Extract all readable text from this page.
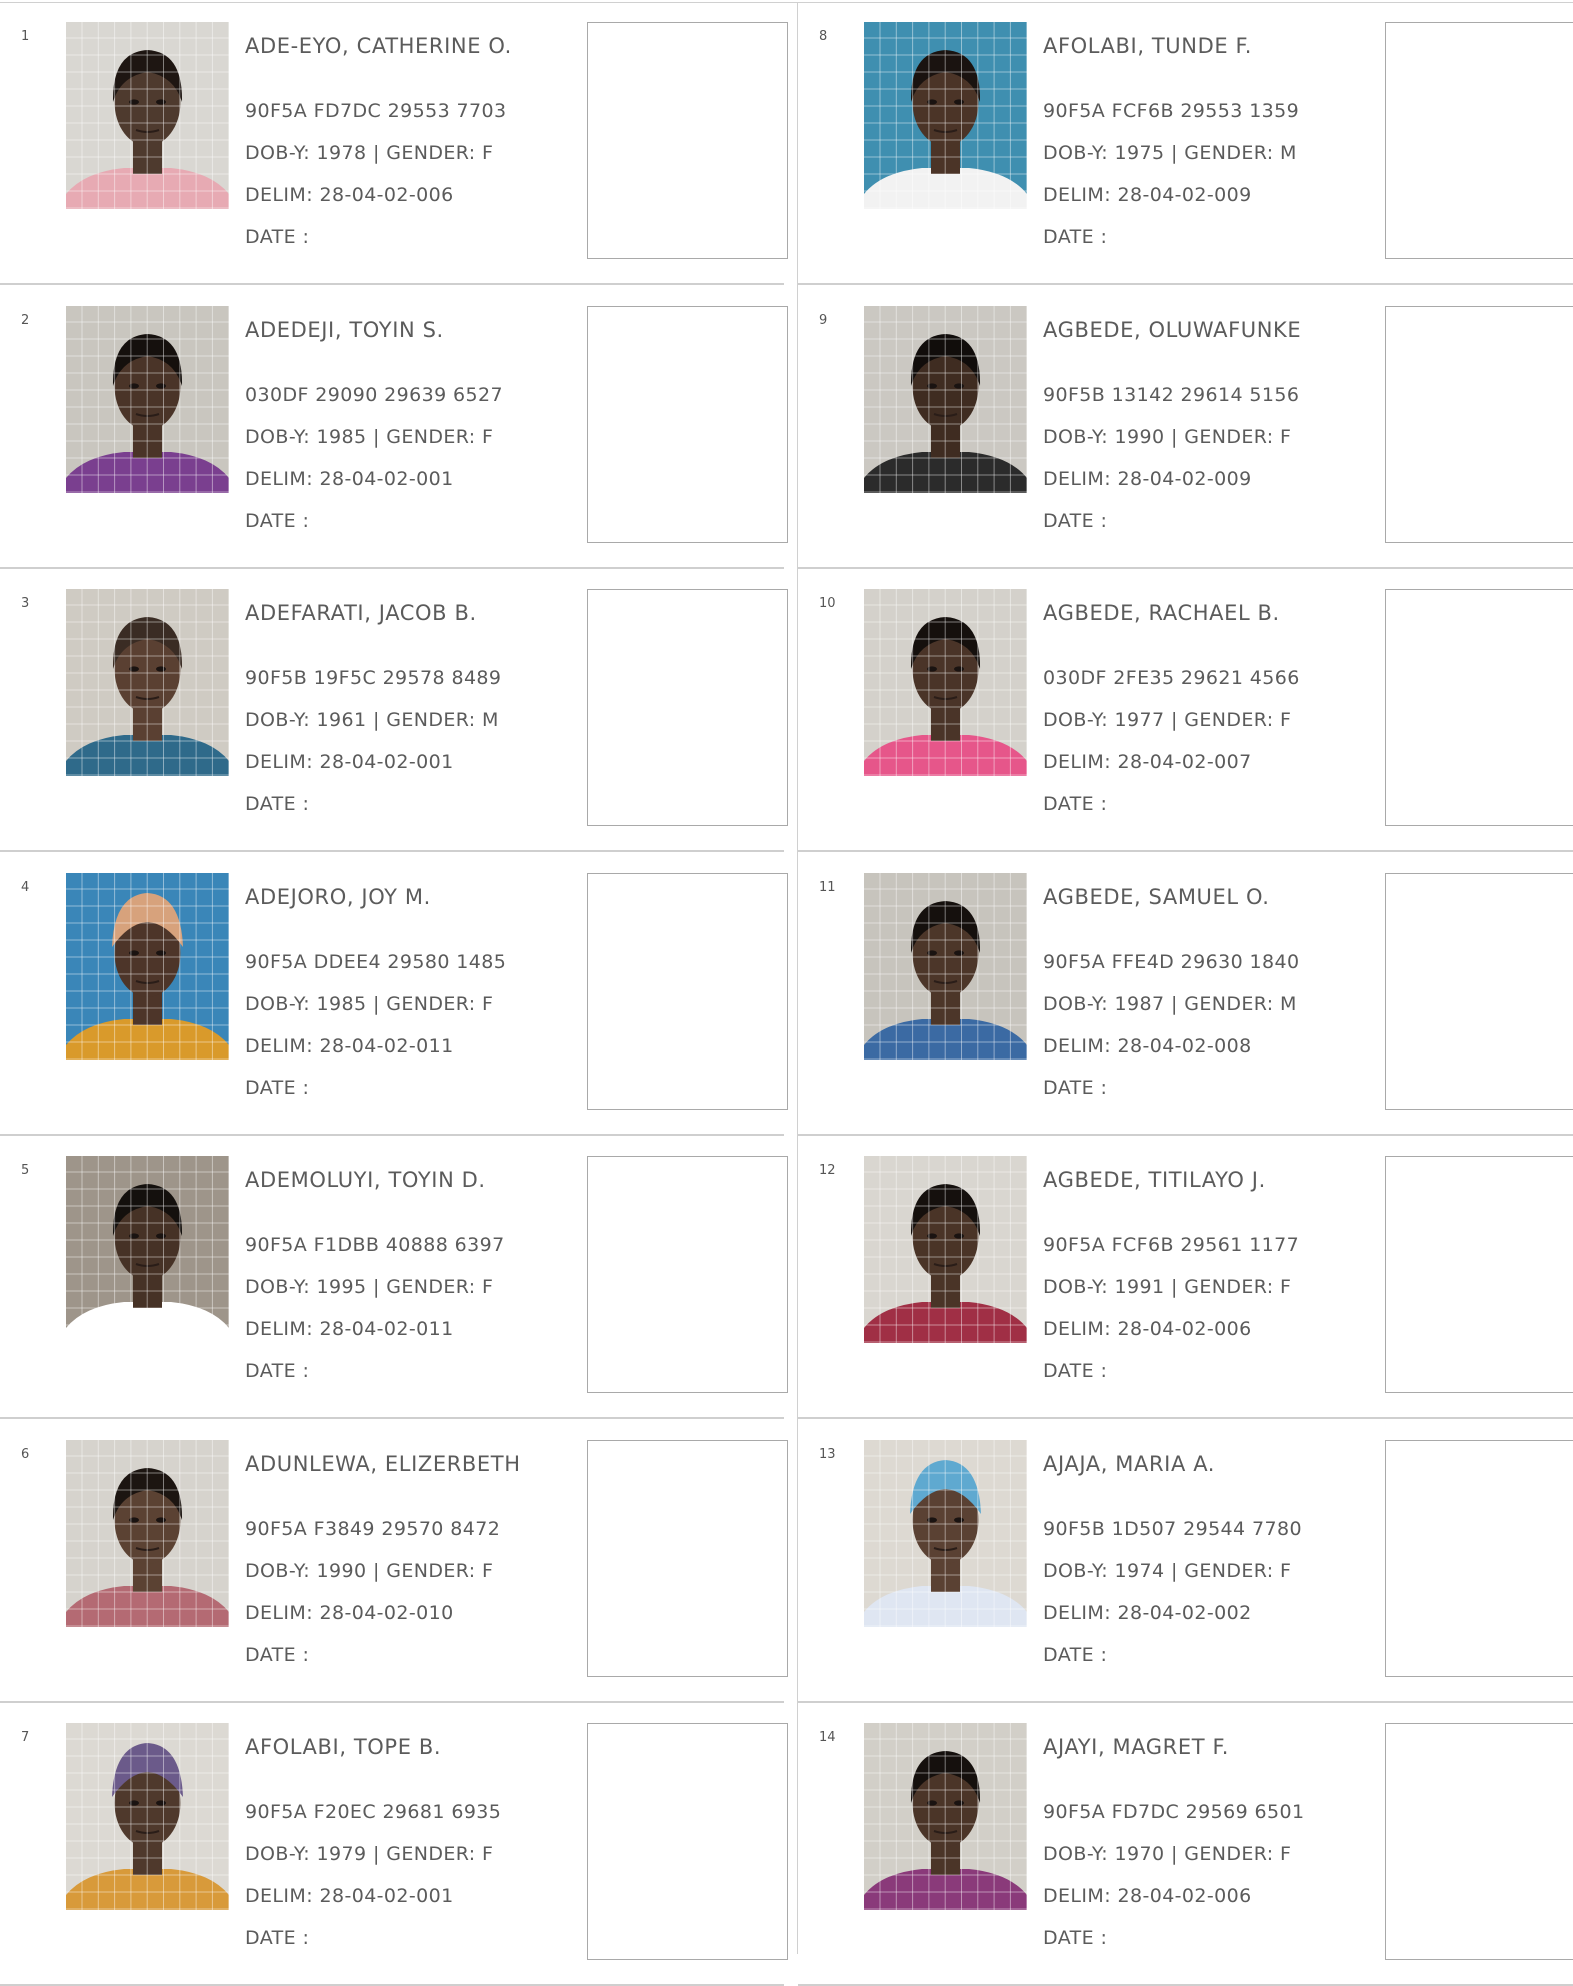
1	ADE-EYO, CATHERINE O.
90F5A FD7DC 29553 7703
DOB-Y: 1978 | GENDER: F
DELIM: 28-04-02-006
DATE :
2	ADEDEJI, TOYIN S.
030DF 29090 29639 6527
DOB-Y: 1985 | GENDER: F
DELIM: 28-04-02-001
DATE :
3	ADEFARATI, JACOB B.
90F5B 19F5C 29578 8489
DOB-Y: 1961 | GENDER: M
DELIM: 28-04-02-001
DATE :
4	ADEJORO, JOY M.
90F5A DDEE4 29580 1485
DOB-Y: 1985 | GENDER: F
DELIM: 28-04-02-011
DATE :
5	ADEMOLUYI, TOYIN D.
90F5A F1DBB 40888 6397
DOB-Y: 1995 | GENDER: F
DELIM: 28-04-02-011
DATE :
6	ADUNLEWA, ELIZERBETH
90F5A F3849 29570 8472
DOB-Y: 1990 | GENDER: F
DELIM: 28-04-02-010
DATE :
7	AFOLABI, TOPE B.
90F5A F20EC 29681 6935
DOB-Y: 1979 | GENDER: F
DELIM: 28-04-02-001
DATE :
8	AFOLABI, TUNDE F.
90F5A FCF6B 29553 1359
DOB-Y: 1975 | GENDER: M
DELIM: 28-04-02-009
DATE :
9	AGBEDE, OLUWAFUNKE
90F5B 13142 29614 5156
DOB-Y: 1990 | GENDER: F
DELIM: 28-04-02-009
DATE :
10	AGBEDE, RACHAEL B.
030DF 2FE35 29621 4566
DOB-Y: 1977 | GENDER: F
DELIM: 28-04-02-007
DATE :
11	AGBEDE, SAMUEL O.
90F5A FFE4D 29630 1840
DOB-Y: 1987 | GENDER: M
DELIM: 28-04-02-008
DATE :
12	AGBEDE, TITILAYO J.
90F5A FCF6B 29561 1177
DOB-Y: 1991 | GENDER: F
DELIM: 28-04-02-006
DATE :
13	AJAJA, MARIA A.
90F5B 1D507 29544 7780
DOB-Y: 1974 | GENDER: F
DELIM: 28-04-02-002
DATE :
14	AJAYI, MAGRET F.
90F5A FD7DC 29569 6501
DOB-Y: 1970 | GENDER: F
DELIM: 28-04-02-006
DATE :
